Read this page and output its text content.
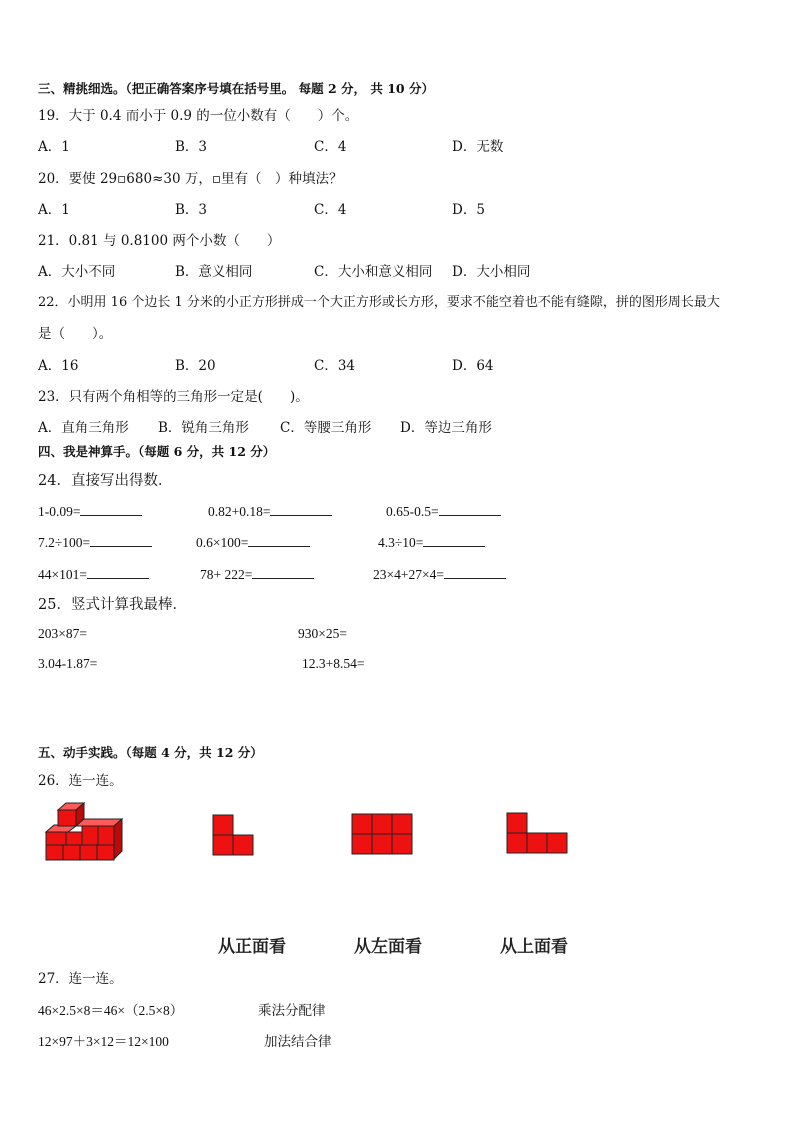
三、精挑细选。（把正确答案序号填在括号里。 每题 2 分， 共 10 分）
19．大于 0.4 而小于 0.9 的一位小数有（　　）个。
A．1	B．3	C．4	D．无数
20．要使 29▫680≈30 万，▫里有（　）种填法？
A．1	B．3	C．4	D．5
21．0.81 与 0.8100 两个小数（　　）
A．大小不同	B．意义相同	C．大小和意义相同 D．大小相同
22．小明用 16 个边长 1 分米的小正方形拼成一个大正方形或长方形，要求不能空着也不能有缝隙，拼的图形周长最大
是（　　）。
A．16	B．20	C．34	D．64
23．只有两个角相等的三角形一定是(　　)。
A．直角三角形 B．锐角三角形 C．等腰三角形 D．等边三角形
四、我是神算手。（每题 6 分，共 12 分）
24．直接写出得数．
1-0.09=	0.82+0.18=	0.65-0.5=
7.2÷100=	0.6×100=	4.3÷10=
44×101=	78+ 222=	23×4+27×4=
25．竖式计算我最棒．
203×87=	930×25=
3.04-1.87=	12.3+8.54=
五、动手实践。（每题 4 分，共 12 分）
26．连一连。
从正面看	从左面看	从上面看
27．连一连。
46×2.5×8＝46×（2.5×8）	乘法分配律
12×97＋3×12＝12×100	加法结合律
